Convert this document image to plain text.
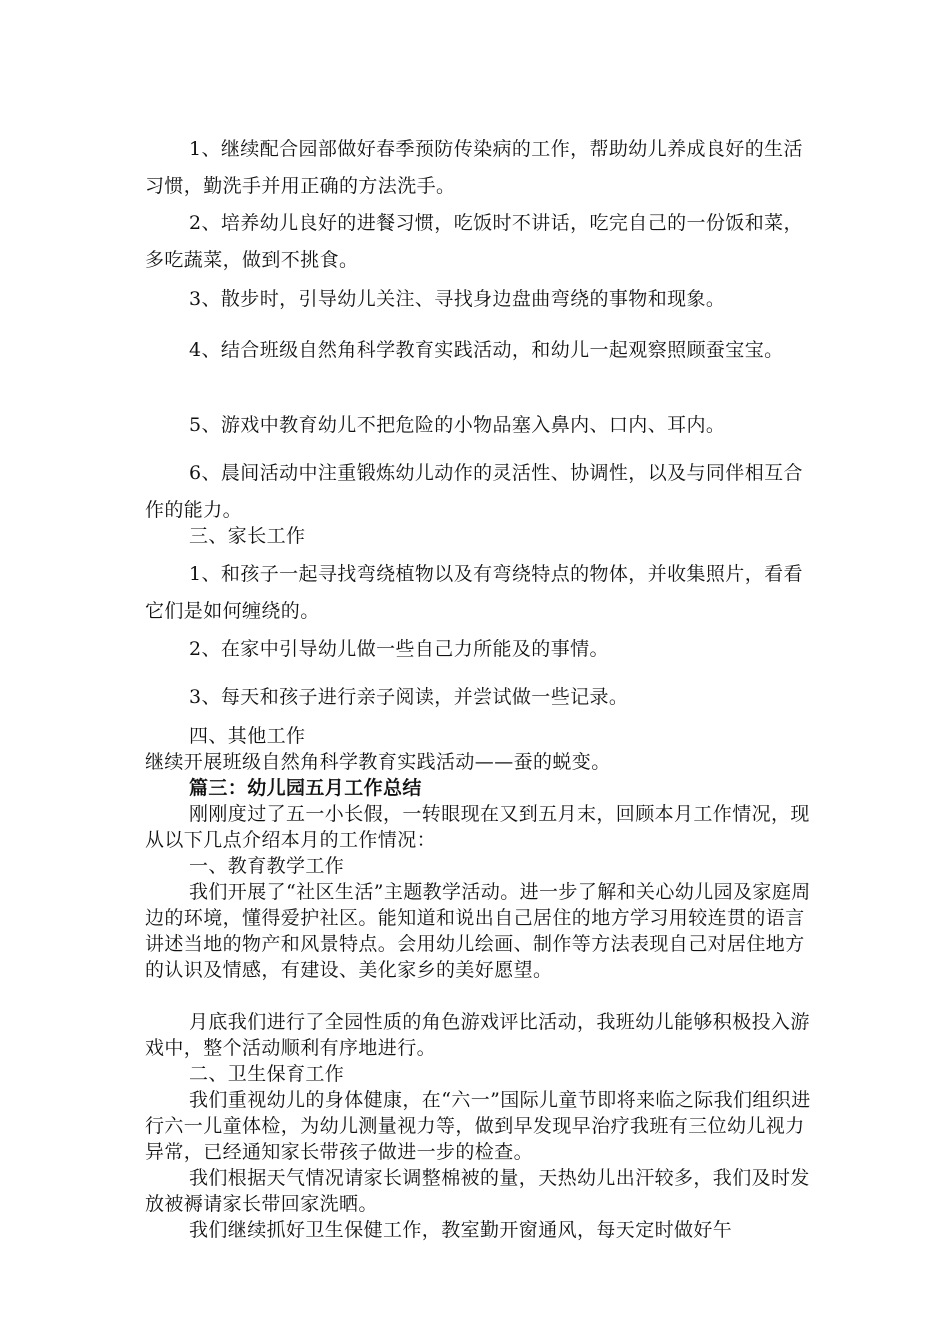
1、继续配合园部做好春季预防传染病的工作，帮助幼儿养成良好的生活习惯，勤洗手并用正确的方法洗手。

2、培养幼儿良好的进餐习惯，吃饭时不讲话，吃完自己的一份饭和菜，多吃蔬菜，做到不挑食。

3、散步时，引导幼儿关注、寻找身边盘曲弯绕的事物和现象。

4、结合班级自然角科学教育实践活动，和幼儿一起观察照顾蚕宝宝。

5、游戏中教育幼儿不把危险的小物品塞入鼻内、口内、耳内。

6、晨间活动中注重锻炼幼儿动作的灵活性、协调性，以及与同伴相互合作的能力。

三、家长工作

1、和孩子一起寻找弯绕植物以及有弯绕特点的物体，并收集照片，看看它们是如何缠绕的。

2、在家中引导幼儿做一些自己力所能及的事情。

3、每天和孩子进行亲子阅读，并尝试做一些记录。

四、其他工作

继续开展班级自然角科学教育实践活动——蚕的蜕变。

篇三：幼儿园五月工作总结

刚刚度过了五一小长假，一转眼现在又到五月末，回顾本月工作情况，现从以下几点介绍本月的工作情况：

一、教育教学工作

我们开展了“社区生活”主题教学活动。进一步了解和关心幼儿园及家庭周边的环境，懂得爱护社区。能知道和说出自己居住的地方学习用较连贯的语言讲述当地的物产和风景特点。会用幼儿绘画、制作等方法表现自己对居住地方的认识及情感，有建设、美化家乡的美好愿望。

月底我们进行了全园性质的角色游戏评比活动，我班幼儿能够积极投入游戏中，整个活动顺利有序地进行。

二、卫生保育工作

我们重视幼儿的身体健康，在“六一”国际儿童节即将来临之际我们组织进行六一儿童体检，为幼儿测量视力等，做到早发现早治疗我班有三位幼儿视力异常，已经通知家长带孩子做进一步的检查。

我们根据天气情况请家长调整棉被的量，天热幼儿出汗较多，我们及时发放被褥请家长带回家洗晒。

我们继续抓好卫生保健工作，教室勤开窗通风，每天定时做好午
